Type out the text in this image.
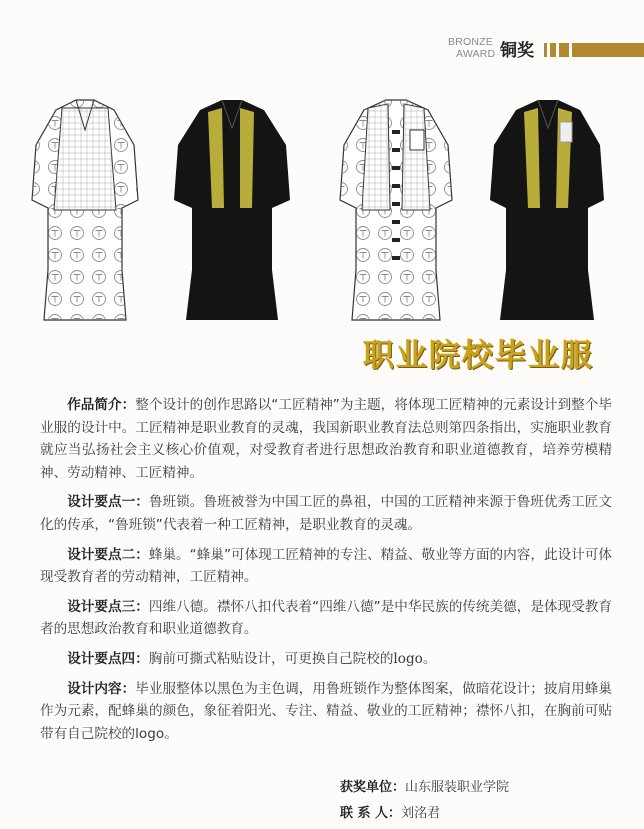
BRONZE
AWARD 铜奖
职业院校毕业服

作品简介：整个设计的创作思路以“工匠精神”为主题，将体现工匠精神的元素设计到整个毕业服的设计中。工匠精神是职业教育的灵魂，我国新职业教育法总则第四条指出，实施职业教育就应当弘扬社会主义核心价值观，对受教育者进行思想政治教育和职业道德教育，培养劳模精神、劳动精神、工匠精神。

设计要点一：鲁班锁。鲁班被誉为中国工匠的鼻祖，中国的工匠精神来源于鲁班优秀工匠文化的传承，“鲁班锁”代表着一种工匠精神，是职业教育的灵魂。

设计要点二：蜂巢。“蜂巢”可体现工匠精神的专注、精益、敬业等方面的内容，此设计可体现受教育者的劳动精神，工匠精神。

设计要点三：四维八德。襟怀八扣代表着“四维八德”是中华民族的传统美德，是体现受教育者的思想政治教育和职业道德教育。

设计要点四：胸前可撕式粘贴设计，可更换自己院校的logo。

设计内容：毕业服整体以黑色为主色调，用鲁班锁作为整体图案，做暗花设计；披肩用蜂巢作为元素，配蜂巢的颜色，象征着阳光、专注、精益、敬业的工匠精神；襟怀八扣，在胸前可贴带有自己院校的logo。

获奖单位：山东服装职业学院
联 系 人：刘洺君
